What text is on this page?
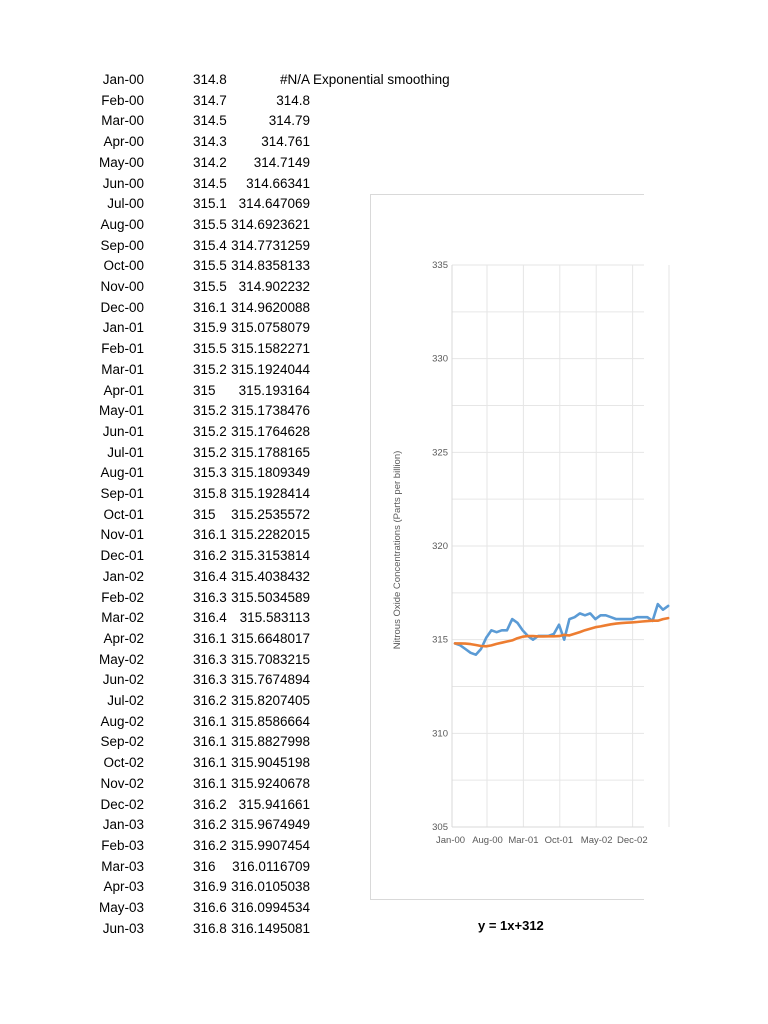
Jan-00	314.8	#N/A Exponential smoothing
Feb-00	314.7	314.8
Mar-00	314.5	314.79
Apr-00	314.3	314.761
May-00	314.2	314.7149
Jun-00	314.5	314.66341
Jul-00	315.1 314.647069
Aug-00	315.5 314.6923621
Sep-00	315.4 314.7731259
Oct-00	315.5 314.8358133
Nov-00	315.5 314.902232
Dec-00	316.1 314.9620088
Jan-01	315.9 315.0758079
Feb-01	315.5 315.1582271
Mar-01	315.2 315.1924044
Apr-01	315	315.193164
May-01	315.2 315.1738476
Jun-01	315.2 315.1764628
Jul-01	315.2 315.1788165
Aug-01	315.3 315.1809349
Sep-01	315.8 315.1928414
Oct-01	315	315.2535572
Nov-01	316.1 315.2282015
Dec-01	316.2 315.3153814
Jan-02	316.4 315.4038432
Feb-02	316.3 315.5034589
Mar-02	316.4 315.583113
Apr-02	316.1 315.6648017
May-02	316.3 315.7083215
Jun-02	316.3 315.7674894
Jul-02	316.2 315.8207405
Aug-02	316.1 315.8586664
Sep-02	316.1 315.8827998
Oct-02	316.1 315.9045198
Nov-02	316.1 315.9240678
Dec-02	316.2 315.941661
Jan-03	316.2 315.9674949
Feb-03	316.2 315.9907454
Mar-03	316	316.0116709
Apr-03	316.9 316.0105038
May-03	316.6 316.0994534
Jun-03	316.8 316.1495081
335
330
325
320
315
310
305
Jan-00 Aug-00 Mar-01 Oct-01 May-02 Dec-02
Nitrous Oxide Concentrations (Parts per billion)
y = 1x+312
